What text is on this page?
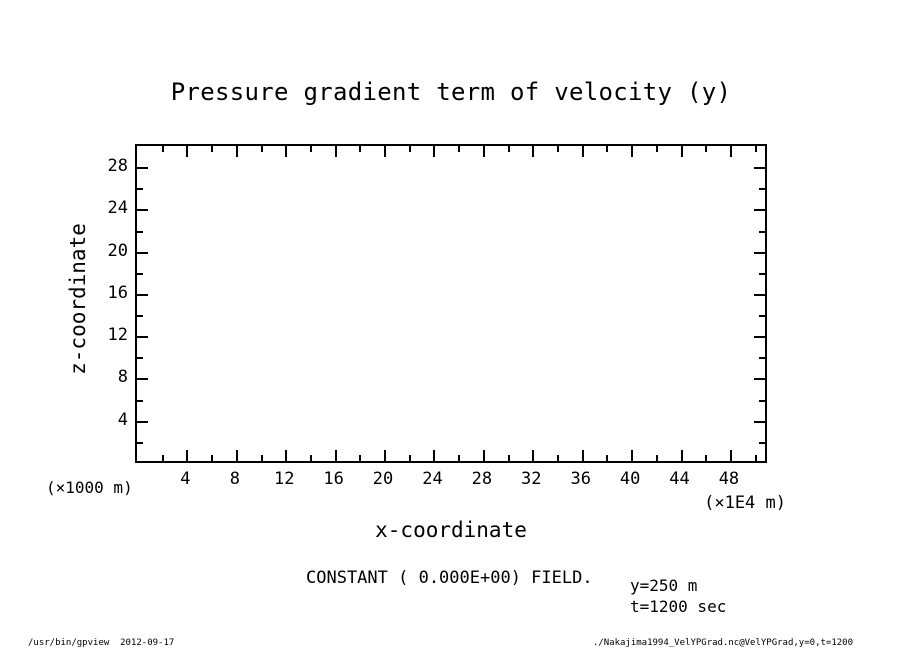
Pressure gradient term of velocity (y)
z-coordinate
x-coordinate
(×1000 m)
(×1E4 m)
CONSTANT ( 0.000E+00) FIELD. y=250 m
t=1200 sec
/usr/bin/gpview  2012-09-17	./Nakajima1994_VelYPGrad.nc@VelYPGrad,y=0,t=1200
4 8 12 16 20 24 28 32 36 40 44 48
4
8
12
16
20
24
28
